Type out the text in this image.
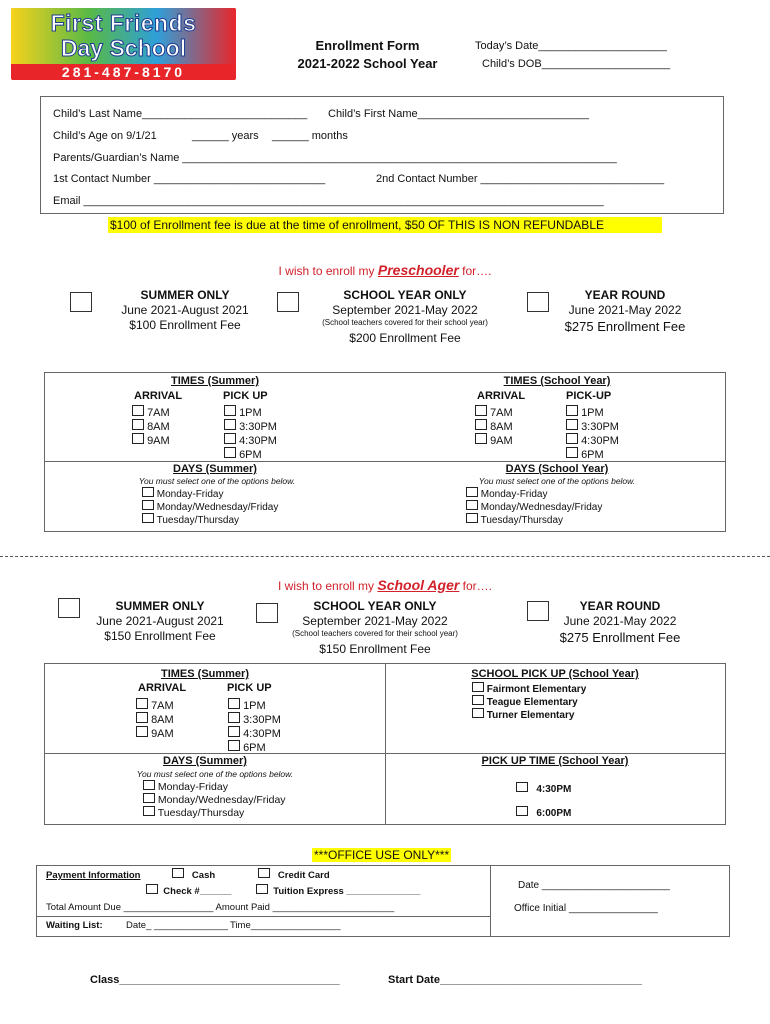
First Friends
Day School
281-487-8170
Enrollment Form
2021-2022 School Year
Today’s Date_____________________
Child’s DOB_____________________
Child’s Last Name___________________________ Child’s First Name____________________________
Child’s Age on 9/1/21	______ years ______ months
Parents/Guardian’s Name _______________________________________________________________________
1st Contact Number ____________________________	2nd Contact Number ______________________________
Email _____________________________________________________________________________________
$100 of Enrollment fee is due at the time of enrollment, $50 OF THIS IS NON REFUNDABLE
I wish to enroll my Preschooler for….
SUMMER ONLY
June 2021-August 2021
$100 Enrollment Fee
SCHOOL YEAR ONLY
September 2021-May 2022
(School teachers covered for their school year)
$200 Enrollment Fee
YEAR ROUND
June 2021-May 2022
$275 Enrollment Fee
TIMES (Summer)
ARRIVAL	PICK UP
7AM
8AM
9AM
1PM
3:30PM
4:30PM
6PM
TIMES (School Year)
ARRIVAL	PICK-UP
7AM
8AM
9AM
1PM
3:30PM
4:30PM
6PM
DAYS (Summer)
You must select one of the options below.
Monday-Friday
Monday/Wednesday/Friday
Tuesday/Thursday
DAYS (School Year)
You must select one of the options below.
Monday-Friday
Monday/Wednesday/Friday
Tuesday/Thursday
I wish to enroll my School Ager for….
SUMMER ONLY
June 2021-August 2021
$150 Enrollment Fee
SCHOOL YEAR ONLY
September 2021-May 2022
(School teachers covered for their school year)
$150 Enrollment Fee
YEAR ROUND
June 2021-May 2022
$275 Enrollment Fee
TIMES (Summer)
ARRIVAL	PICK UP
7AM
8AM
9AM
1PM
3:30PM
4:30PM
6PM
DAYS (Summer)
You must select one of the options below.
Monday-Friday
Monday/Wednesday/Friday
Tuesday/Thursday
SCHOOL PICK UP (School Year)
Fairmont Elementary
Teague Elementary
Turner Elementary
PICK UP TIME (School Year)
4:30PM
6:00PM
***OFFICE USE ONLY***
Payment Information	Cash	Credit Card
Check #______	Tuition Express ______________
Total Amount Due _________________ Amount Paid _______________________
Waiting List: Date_ ______________ Time_________________
Date _______________________
Office Initial ________________
Class____________________________________	Start Date_________________________________
